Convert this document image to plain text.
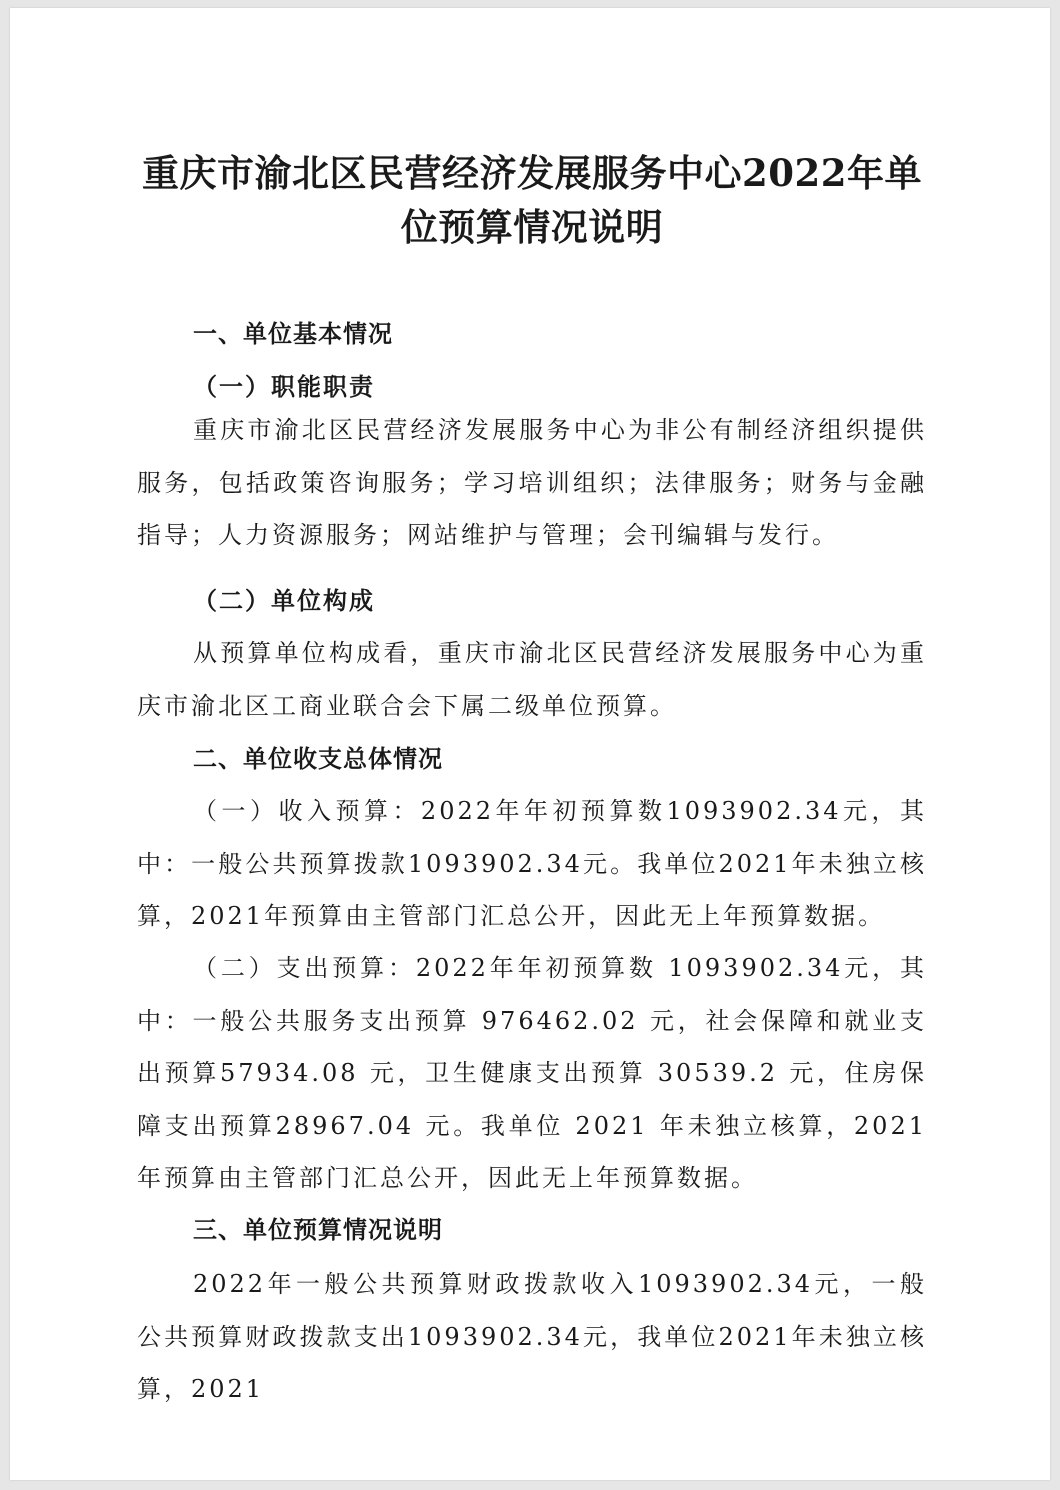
重庆市渝北区民营经济发展服务中心2022年单位预算情况说明
一、单位基本情况
（一）职能职责

重庆市渝北区民营经济发展服务中心为非公有制经济组织提供服务，包括政策咨询服务；学习培训组织；法律服务；财务与金融指导；人力资源服务；网站维护与管理；会刊编辑与发行。

（二）单位构成

从预算单位构成看，重庆市渝北区民营经济发展服务中心为重庆市渝北区工商业联合会下属二级单位预算。

二、单位收支总体情况

（一）收入预算：2022年年初预算数1093902.34元，其中：一般公共预算拨款1093902.34元。我单位2021年未独立核算，2021年预算由主管部门汇总公开，因此无上年预算数据。

（二）支出预算：2022年年初预算数 1093902.34元，其中：一般公共服务支出预算 976462.02 元，社会保障和就业支出预算57934.08 元，卫生健康支出预算 30539.2 元，住房保障支出预算28967.04 元。我单位 2021 年未独立核算，2021 年预算由主管部门汇总公开，因此无上年预算数据。

三、单位预算情况说明

2022年一般公共预算财政拨款收入1093902.34元，一般公共预算财政拨款支出1093902.34元，我单位2021年未独立核算，2021
